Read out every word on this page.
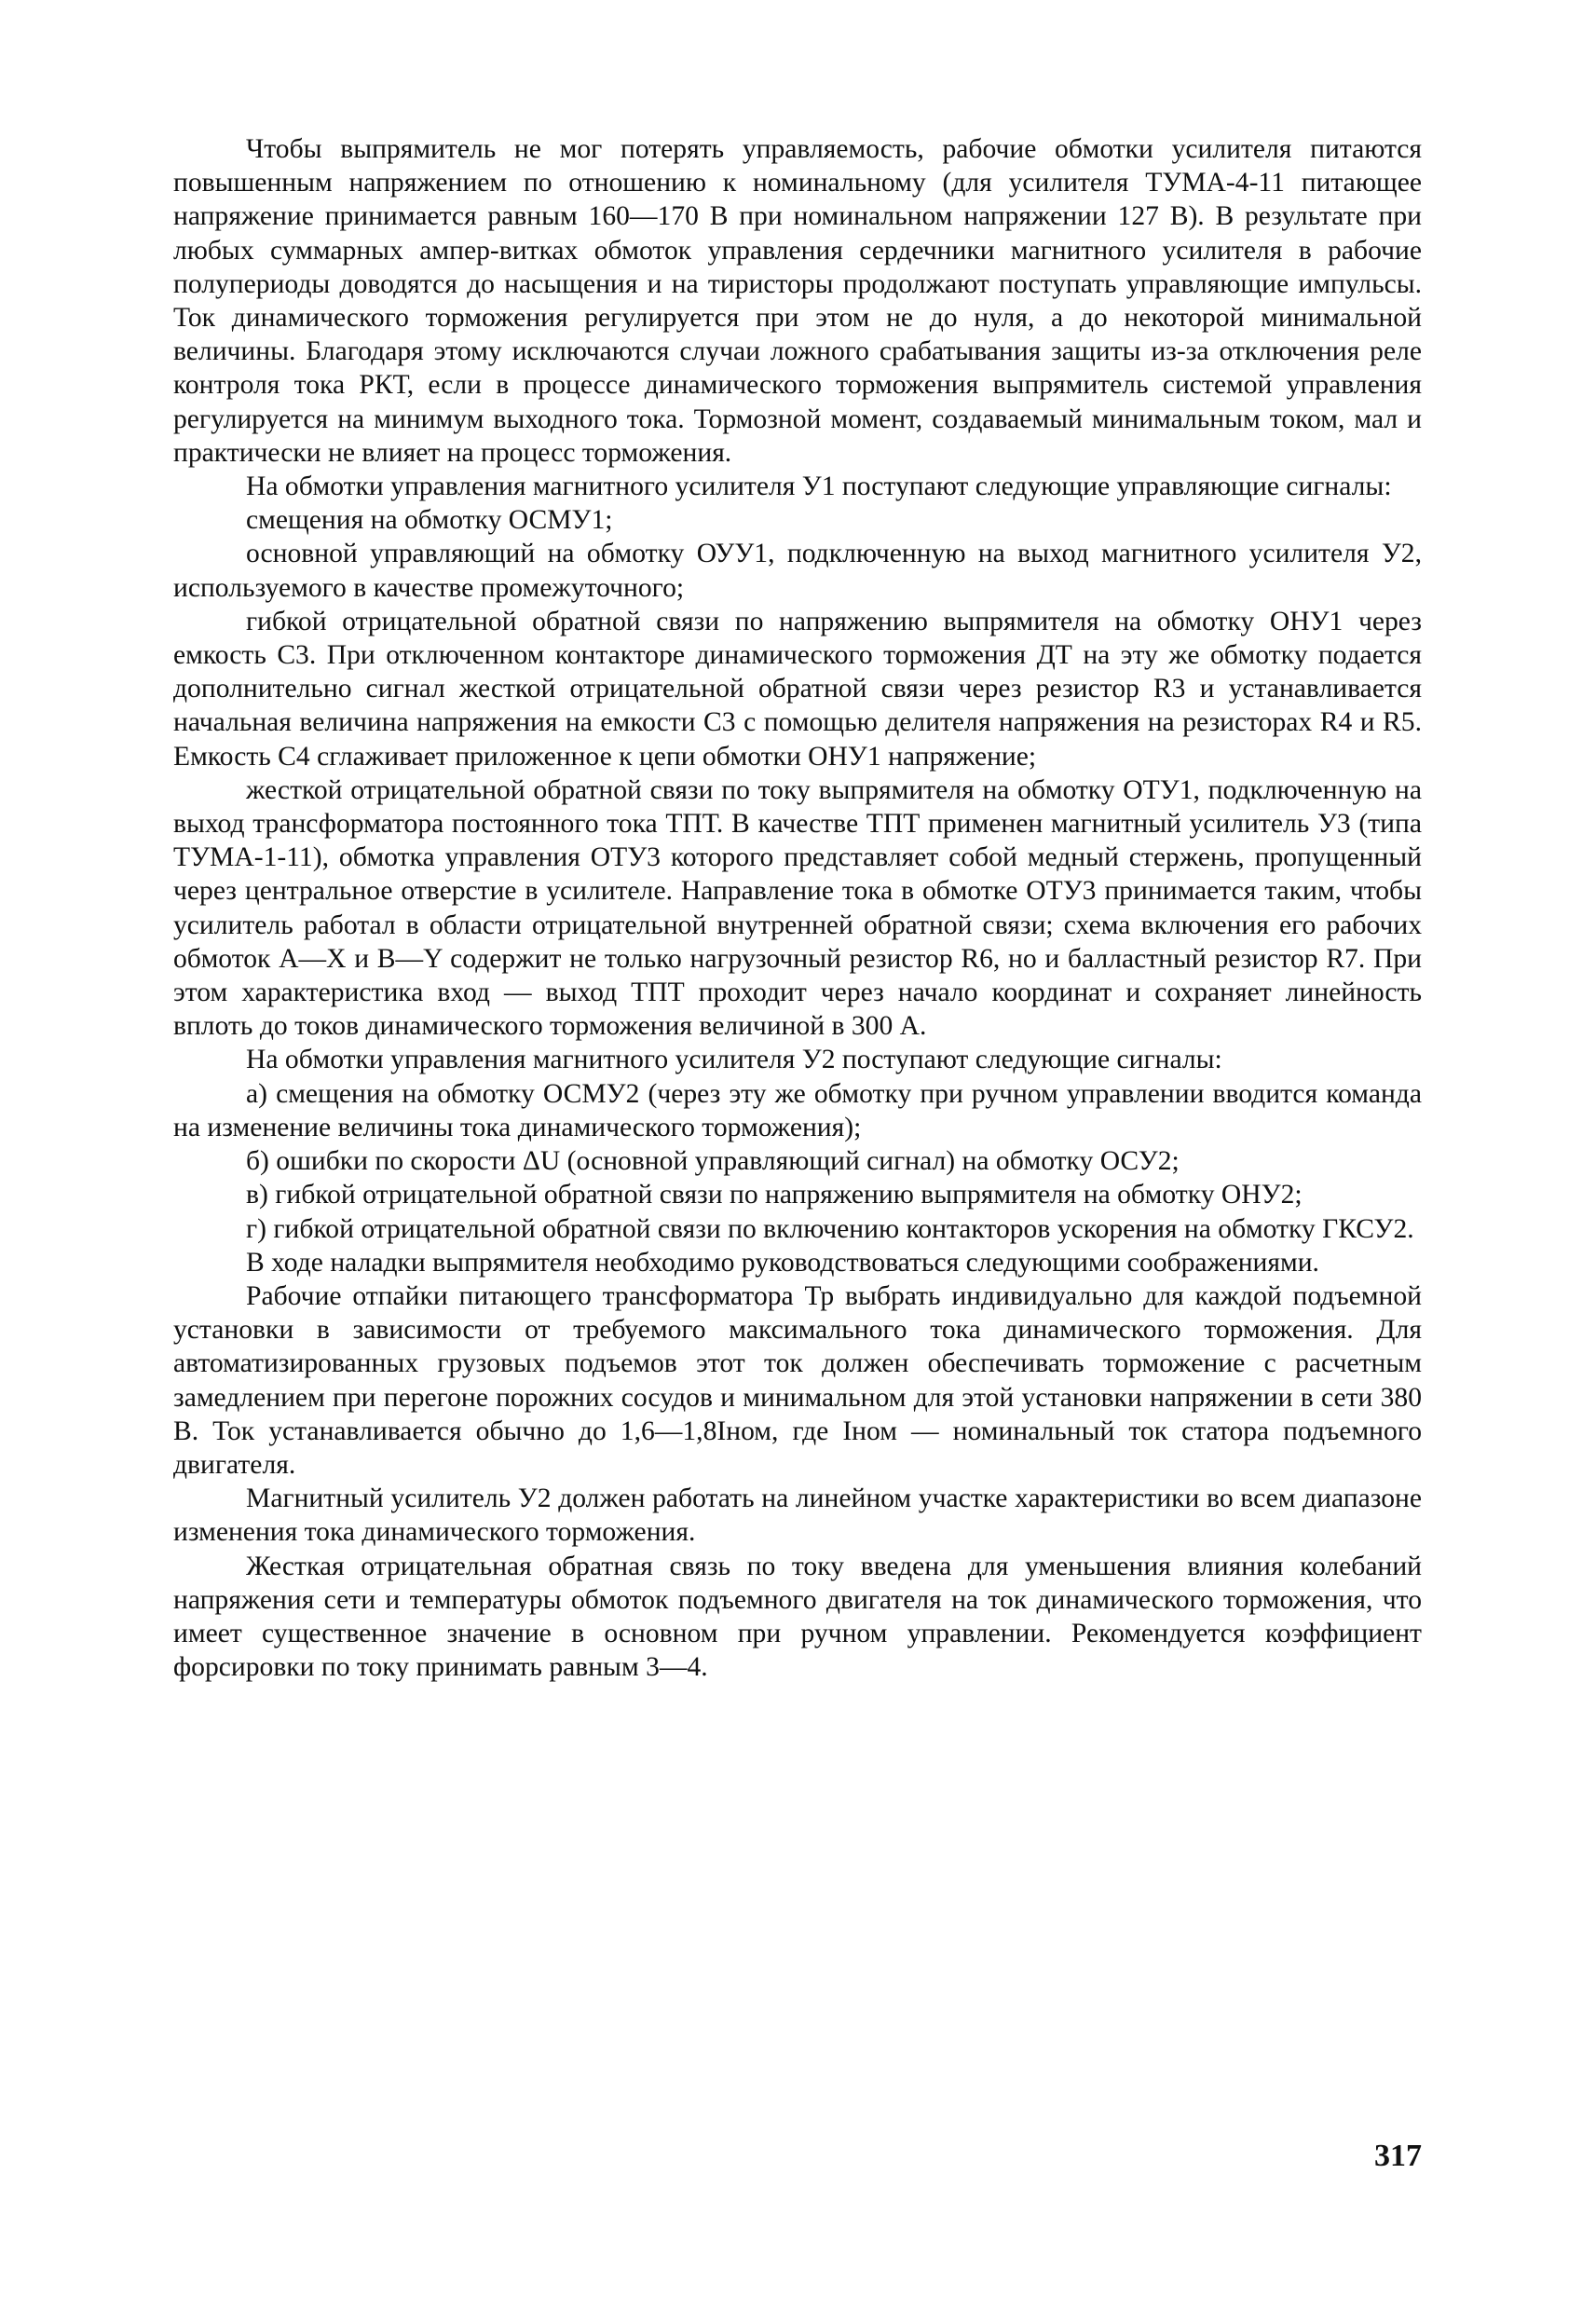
Чтобы выпрямитель не мог потерять управляемость, рабочие обмотки усилителя питаются повышенным напряжением по отношению к номинальному (для усилителя ТУМА-4-11 питающее напряжение принимается равным 160—170 В при номинальном напряжении 127 В). В результате при любых суммарных ампер-витках обмоток управления сердечники магнитного усилителя в рабочие полупериоды доводятся до насыщения и на тиристоры продолжают поступать управляющие импульсы. Ток динамического торможения регулируется при этом не до нуля, а до некоторой минимальной величины. Благодаря этому исключаются случаи ложного срабатывания защиты из-за отключения реле контроля тока РКТ, если в процессе динамического торможения выпрямитель системой управления регулируется на минимум выходного тока. Тормозной момент, создаваемый минимальным током, мал и практически не влияет на процесс торможения.

На обмотки управления магнитного усилителя У1 поступают следующие управляющие сигналы:

смещения на обмотку ОСМУ1;

основной управляющий на обмотку ОУУ1, подключенную на выход магнитного усилителя У2, используемого в качестве промежуточного;

гибкой отрицательной обратной связи по напряжению выпрямителя на обмотку ОНУ1 через емкость С3. При отключенном контакторе динамического торможения ДТ на эту же обмотку подается дополнительно сигнал жесткой отрицательной обратной связи через резистор R3 и устанавливается начальная величина напряжения на емкости С3 с помощью делителя напряжения на резисторах R4 и R5. Емкость С4 сглаживает приложенное к цепи обмотки ОНУ1 напряжение;

жесткой отрицательной обратной связи по току выпрямителя на обмотку ОТУ1, подключенную на выход трансформатора постоянного тока ТПТ. В качестве ТПТ применен магнитный усилитель У3 (типа ТУМА-1-11), обмотка управления ОТУ3 которого представляет собой медный стержень, пропущенный через центральное отверстие в усилителе. Направление тока в обмотке ОТУ3 принимается таким, чтобы усилитель работал в области отрицательной внутренней обратной связи; схема включения его рабочих обмоток А—X и В—Y содержит не только нагрузочный резистор R6, но и балластный резистор R7. При этом характеристика вход — выход ТПТ проходит через начало координат и сохраняет линейность вплоть до токов динамического торможения величиной в 300 А.

На обмотки управления магнитного усилителя У2 поступают следующие сигналы:

а) смещения на обмотку ОСМУ2 (через эту же обмотку при ручном управлении вводится команда на изменение величины тока динамического торможения);

б) ошибки по скорости ΔU (основной управляющий сигнал) на обмотку ОСУ2;

в) гибкой отрицательной обратной связи по напряжению выпрямителя на обмотку ОНУ2;

г) гибкой отрицательной обратной связи по включению контакторов ускорения на обмотку ГКСУ2.

В ходе наладки выпрямителя необходимо руководствоваться следующими соображениями.

Рабочие отпайки питающего трансформатора Тр выбрать индивидуально для каждой подъемной установки в зависимости от требуемого максимального тока динамического торможения. Для автоматизированных грузовых подъемов этот ток должен обеспечивать торможение с расчетным замедлением при перегоне порожних сосудов и минимальном для этой установки напряжении в сети 380 В. Ток устанавливается обычно до 1,6—1,8Iном, где Iном — номинальный ток статора подъемного двигателя.

Магнитный усилитель У2 должен работать на линейном участке характеристики во всем диапазоне изменения тока динамического торможения.

Жесткая отрицательная обратная связь по току введена для уменьшения влияния колебаний напряжения сети и температуры обмоток подъемного двигателя на ток динамического торможения, что имеет существенное значение в основном при ручном управлении. Рекомендуется коэффициент форсировки по току принимать равным 3—4.

317
